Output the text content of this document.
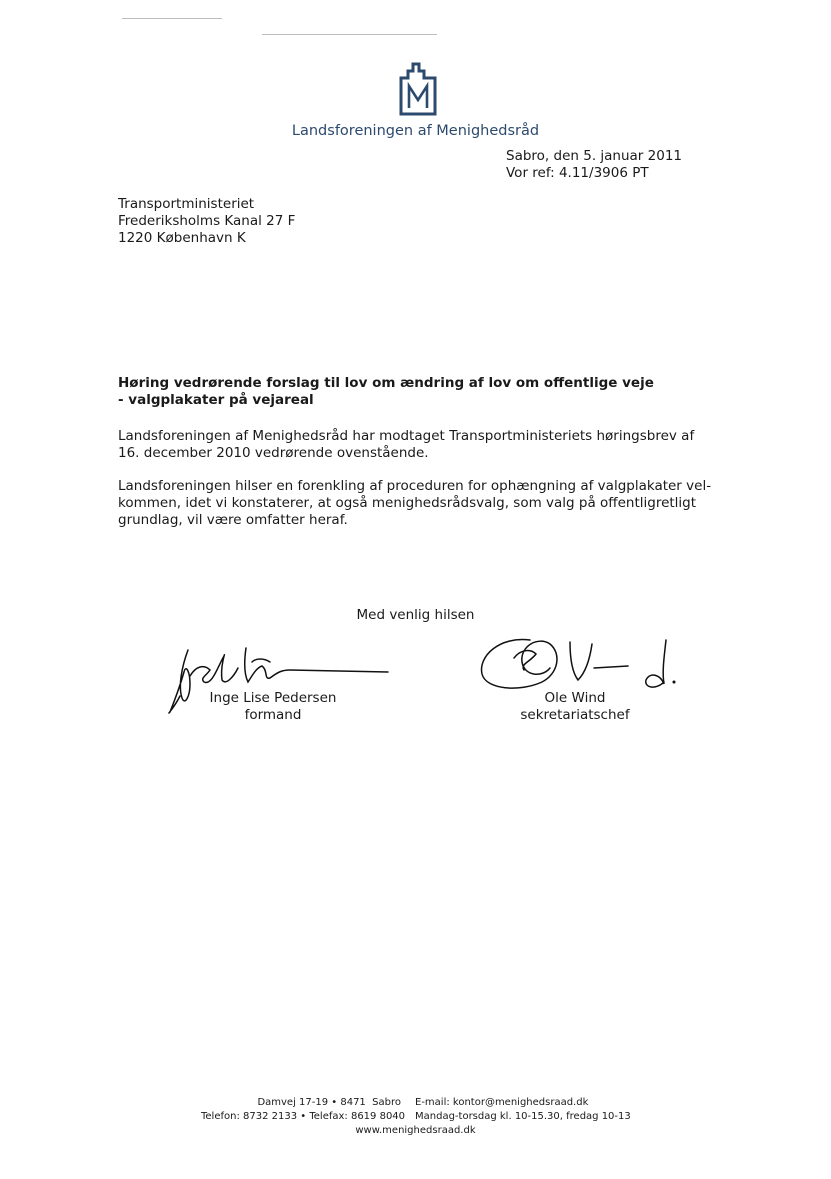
Landsforeningen af Menighedsråd
Sabro, den 5. januar 2011
Vor ref: 4.11/3906 PT
Transportministeriet
Frederiksholms Kanal 27 F
1220 København K
Høring vedrørende forslag til lov om ændring af lov om offentlige veje
- valgplakater på vejareal
Landsforeningen af Menighedsråd har modtaget Transportministeriets høringsbrev af
16. december 2010 vedrørende ovenstående.
Landsforeningen hilser en forenkling af proceduren for ophængning af valgplakater vel-
kommen, idet vi konstaterer, at også menighedsrådsvalg, som valg på offentligretligt
grundlag, vil være omfatter heraf.
Med venlig hilsen
Inge Lise Pedersen
formand
Ole Wind
sekretariatschef
Damvej 17-19 • 8471  Sabro	E-mail: kontor@menighedsraad.dk
Telefon: 8732 2133 • Telefax: 8619 8040 Mandag-torsdag kl. 10-15.30, fredag 10-13
www.menighedsraad.dk
